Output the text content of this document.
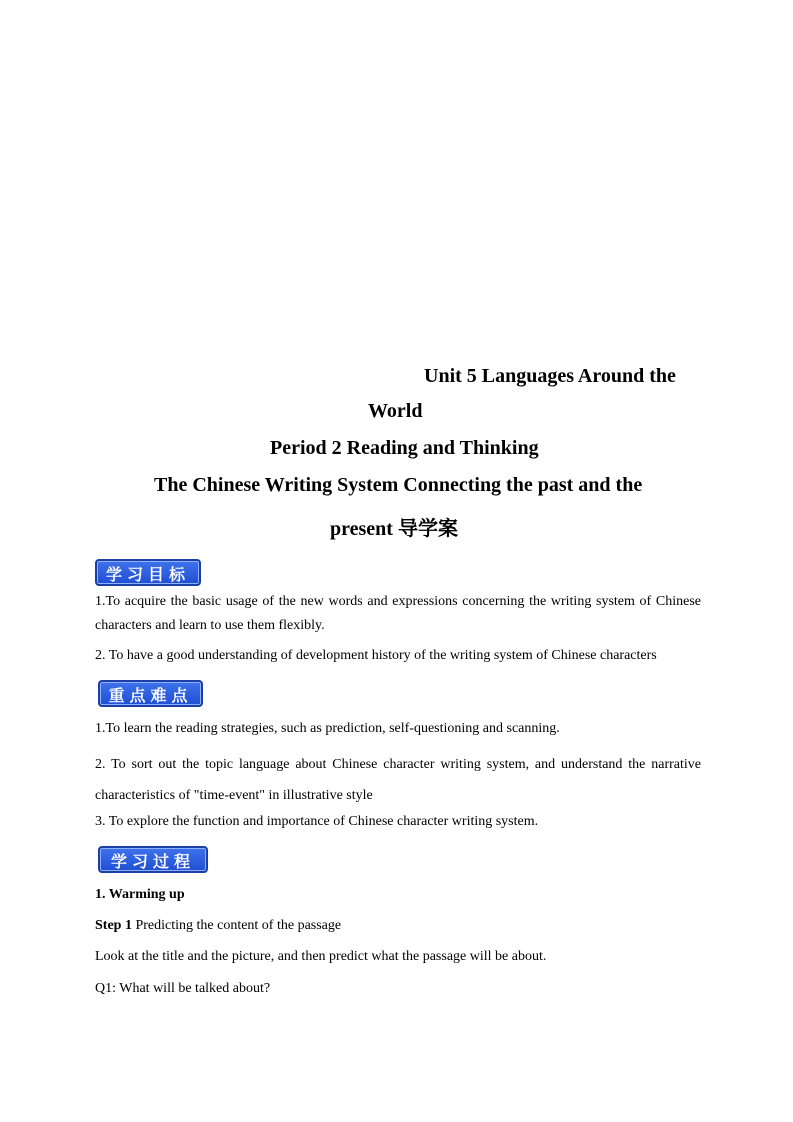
Unit 5 Languages Around the
World
Period 2 Reading and Thinking
The Chinese Writing System Connecting the past and the
present 导学案
学习目标
1.To acquire the basic usage of the new words and expressions concerning the writing system of Chinese characters and learn to use them flexibly.
2. To have a good understanding of development history of the writing system of Chinese characters
重点难点
1.To learn the reading strategies, such as prediction, self-questioning and scanning.
2. To sort out the topic language about Chinese character writing system, and understand the narrative characteristics of "time-event" in illustrative style
3. To explore the function and importance of Chinese character writing system.
学习过程
1. Warming up
Step 1 Predicting the content of the passage
Look at the title and the picture, and then predict what the passage will be about.
Q1: What will be talked about?
